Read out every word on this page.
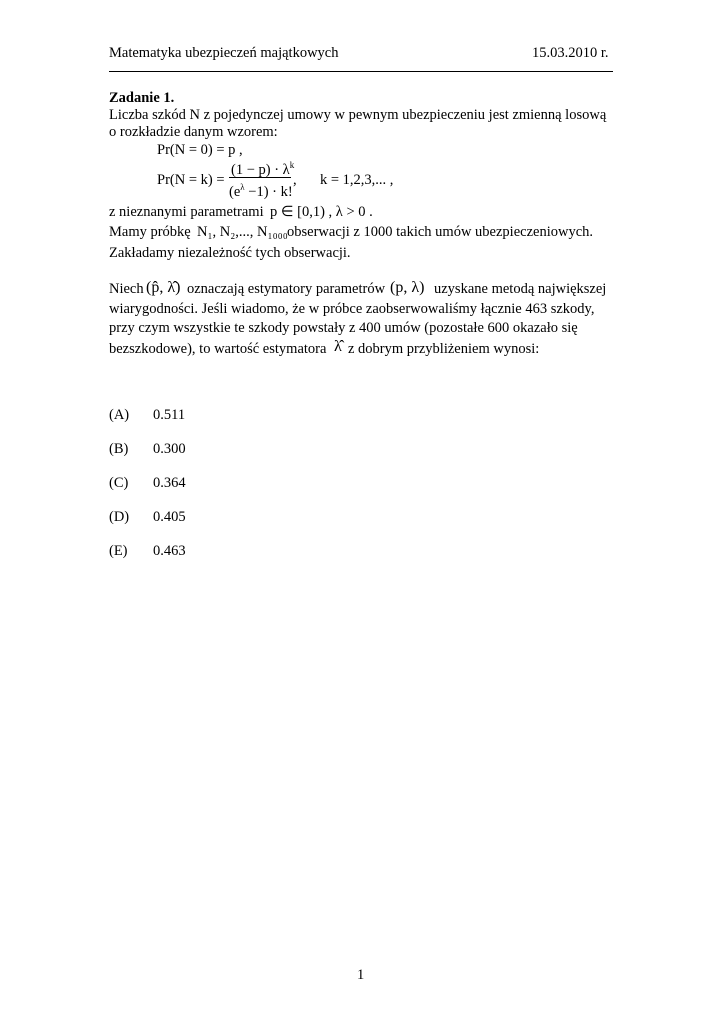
Matematyka ubezpieczeń majątkowych	15.03.2010 r.
Zadanie 1.
Liczba szkód N z pojedynczej umowy w pewnym ubezpieczeniu jest zmienną losową
o rozkładzie danym wzorem:
Pr(N = 0) = p ,
Pr(N = k) =
$(1 - p) \cdot \lambda^k$
$(e^\lambda -1) \cdot k$!
, k = 1,2,3,... ,
z nieznanymi parametrami p ∈ [0,1) , λ > 0 .
Mamy próbkę N₁, N₂,..., N₁₀₀₀ obserwacji z 1000 takich umów ubezpieczeniowych.
Zakładamy niezależność tych obserwacji.
Niech (p̂, λ̂) oznaczają estymatory parametrów (p, λ) uzyskane metodą największej
wiarygodności. Jeśli wiadomo, że w próbce zaobserwowaliśmy łącznie 463 szkody,
przy czym wszystkie te szkody powstały z 400 umów (pozostałe 600 okazało się
bezszkodowe), to wartość estymatora λ̂ z dobrym przybliżeniem wynosi:
(A) 0.511
(B) 0.300
(C) 0.364
(D) 0.405
(E) 0.463
1
